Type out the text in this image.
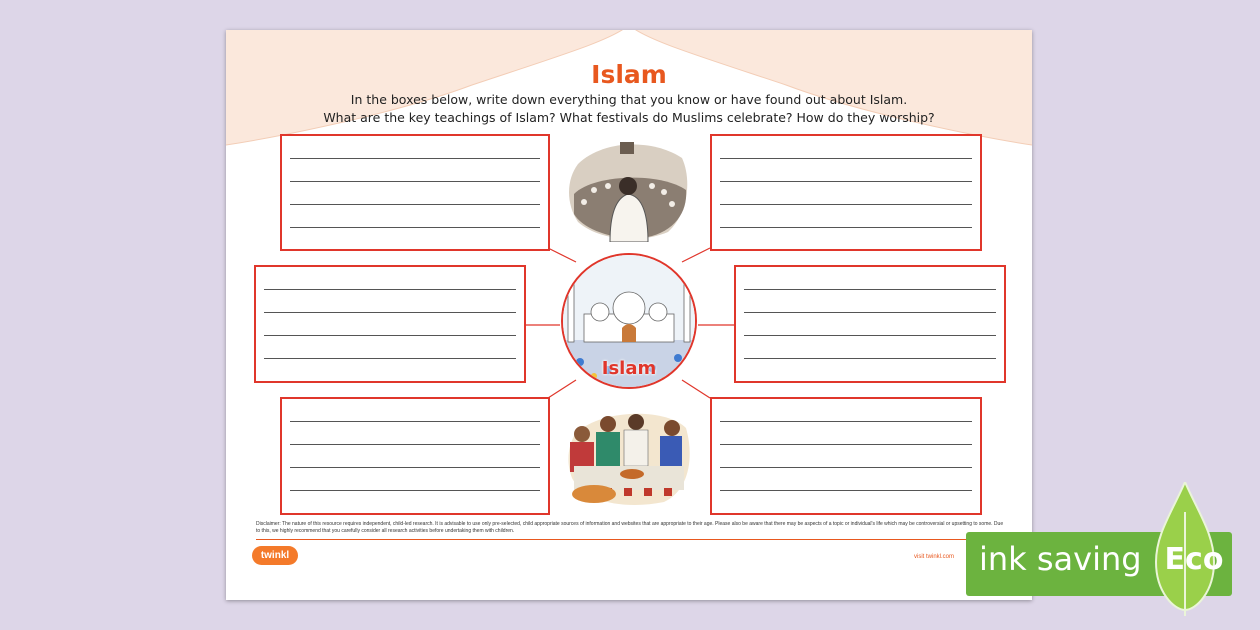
Islam
In the boxes below, write down everything that you know or have found out about Islam.
What are the key teachings of Islam? What festivals do Muslims celebrate? How do they worship?
Islam
Disclaimer: The nature of this resource requires independent, child-led research. It is advisable to use only pre-selected, child appropriate sources of information and websites that are appropriate to their age. Please also be aware that there may be aspects of a topic or individual's life which may be controversial or upsetting to some. Due to this, we highly recommend that you carefully consider all research activities before undertaking them with children.
twinkl	visit twinkl.com ink saving Eco
